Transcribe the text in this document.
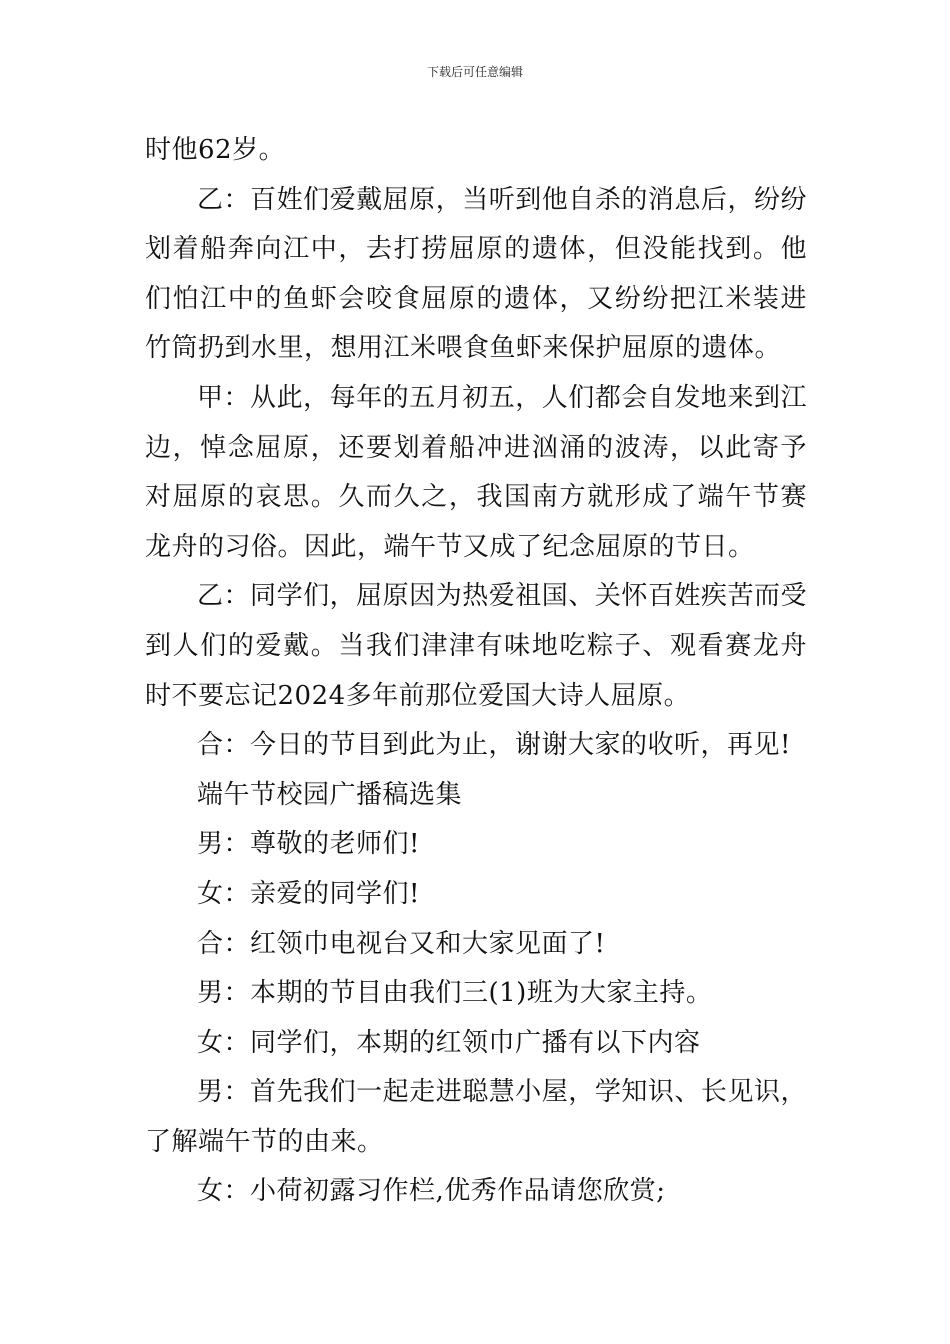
下载后可任意编辑

时他62岁。

乙：百姓们爱戴屈原，当听到他自杀的消息后，纷纷划着船奔向江中，去打捞屈原的遗体，但没能找到。他们怕江中的鱼虾会咬食屈原的遗体，又纷纷把江米装进竹筒扔到水里，想用江米喂食鱼虾来保护屈原的遗体。

甲：从此，每年的五月初五，人们都会自发地来到江边，悼念屈原，还要划着船冲进汹涌的波涛，以此寄予对屈原的哀思。久而久之，我国南方就形成了端午节赛龙舟的习俗。因此，端午节又成了纪念屈原的节日。

乙：同学们，屈原因为热爱祖国、关怀百姓疾苦而受到人们的爱戴。当我们津津有味地吃粽子、观看赛龙舟时不要忘记2024多年前那位爱国大诗人屈原。

合：今日的节目到此为止，谢谢大家的收听，再见!

端午节校园广播稿选集

男：尊敬的老师们!

女：亲爱的同学们!

合：红领巾电视台又和大家见面了!

男：本期的节目由我们三(1)班为大家主持。

女：同学们，本期的红领巾广播有以下内容

男：首先我们一起走进聪慧小屋，学知识、长见识，了解端午节的由来。

女：小荷初露习作栏,优秀作品请您欣赏;
